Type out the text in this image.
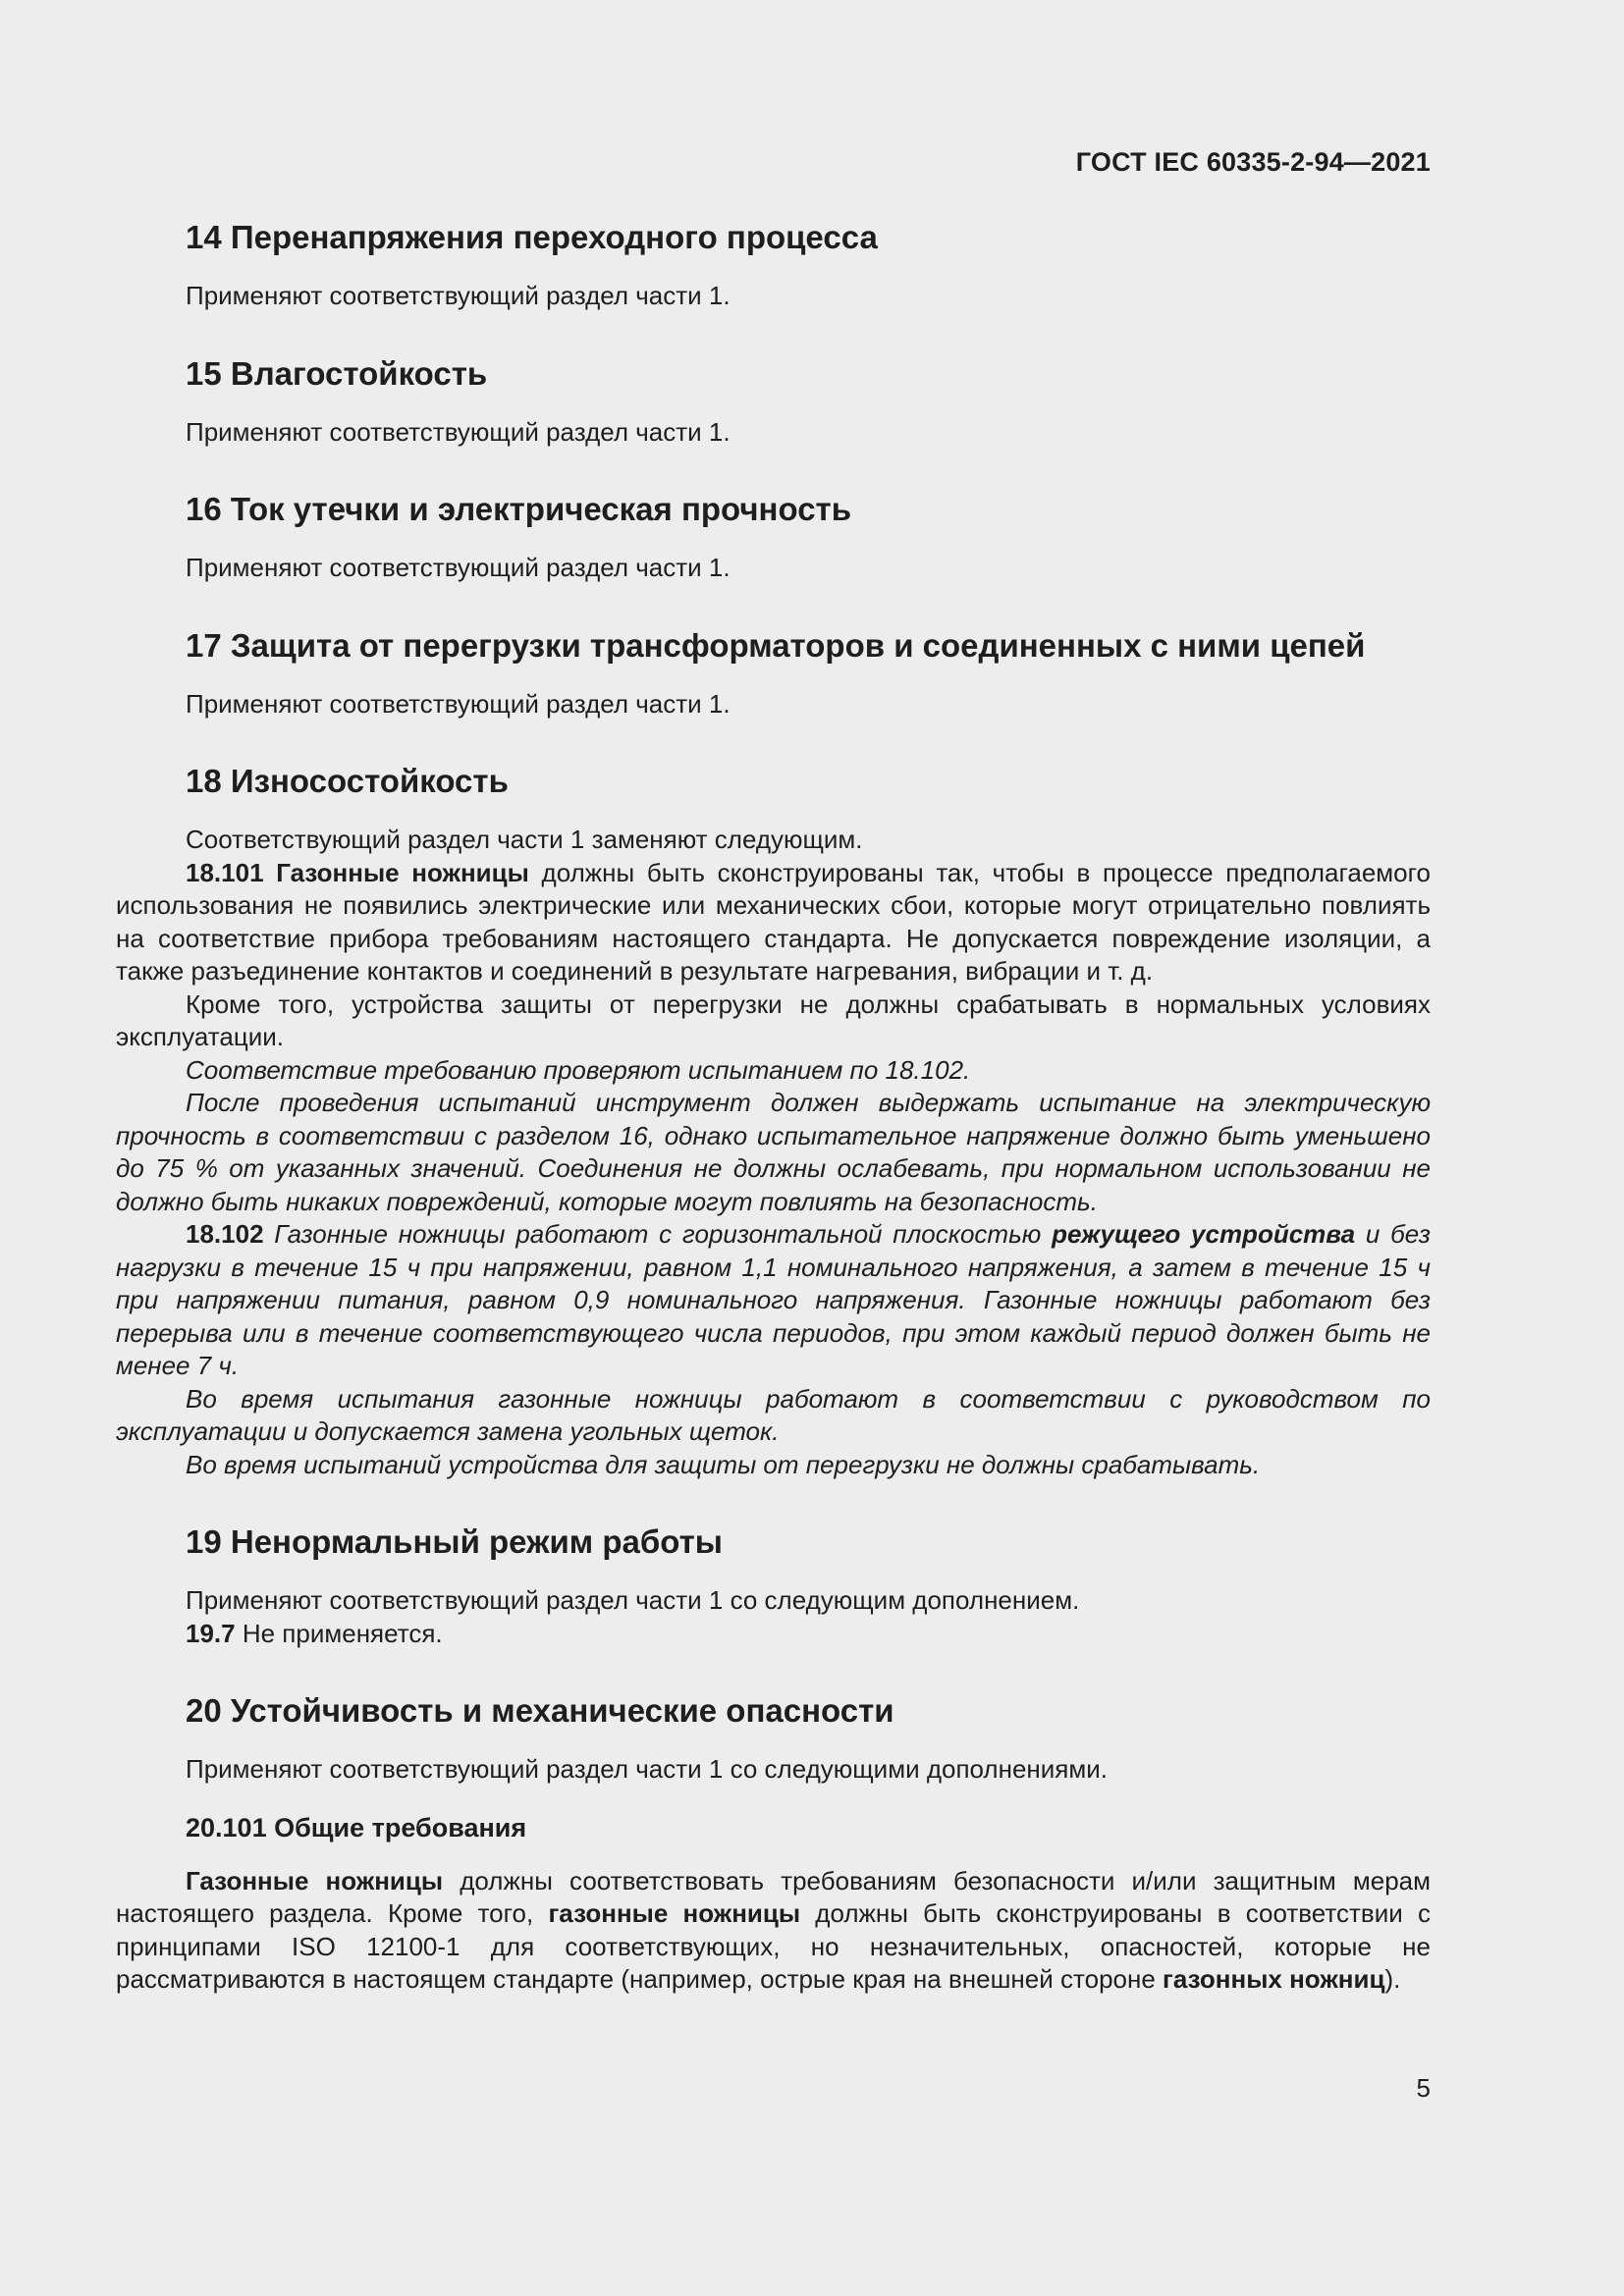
ГОСТ IEC 60335-2-94—2021
14 Перенапряжения переходного процесса

Применяют соответствующий раздел части 1.

15 Влагостойкость

Применяют соответствующий раздел части 1.

16 Ток утечки и электрическая прочность

Применяют соответствующий раздел части 1.

17 Защита от перегрузки трансформаторов и соединенных с ними цепей

Применяют соответствующий раздел части 1.

18 Износостойкость

Соответствующий раздел части 1 заменяют следующим.

18.101 Газонные ножницы должны быть сконструированы так, чтобы в процессе предполагаемого использования не появились электрические или механических сбои, которые могут отрицательно повлиять на соответствие прибора требованиям настоящего стандарта. Не допускается повреждение изоляции, а также разъединение контактов и соединений в результате нагревания, вибрации и т. д.

Кроме того, устройства защиты от перегрузки не должны срабатывать в нормальных условиях эксплуатации.

Соответствие требованию проверяют испытанием по 18.102.

После проведения испытаний инструмент должен выдержать испытание на электрическую прочность в соответствии с разделом 16, однако испытательное напряжение должно быть уменьшено до 75 % от указанных значений. Соединения не должны ослабевать, при нормальном использовании не должно быть никаких повреждений, которые могут повлиять на безопасность.

18.102 Газонные ножницы работают с горизонтальной плоскостью режущего устройства и без нагрузки в течение 15 ч при напряжении, равном 1,1 номинального напряжения, а затем в течение 15 ч при напряжении питания, равном 0,9 номинального напряжения. Газонные ножницы работают без перерыва или в течение соответствующего числа периодов, при этом каждый период должен быть не менее 7 ч.

Во время испытания газонные ножницы работают в соответствии с руководством по эксплуатации и допускается замена угольных щеток.

Во время испытаний устройства для защиты от перегрузки не должны срабатывать.

19 Ненормальный режим работы

Применяют соответствующий раздел части 1 со следующим дополнением.

19.7 Не применяется.

20 Устойчивость и механические опасности

Применяют соответствующий раздел части 1 со следующими дополнениями.

20.101 Общие требования

Газонные ножницы должны соответствовать требованиям безопасности и/или защитным мерам настоящего раздела. Кроме того, газонные ножницы должны быть сконструированы в соответствии с принципами ISO 12100-1 для соответствующих, но незначительных, опасностей, которые не рассматриваются в настоящем стандарте (например, острые края на внешней стороне газонных ножниц).

5
